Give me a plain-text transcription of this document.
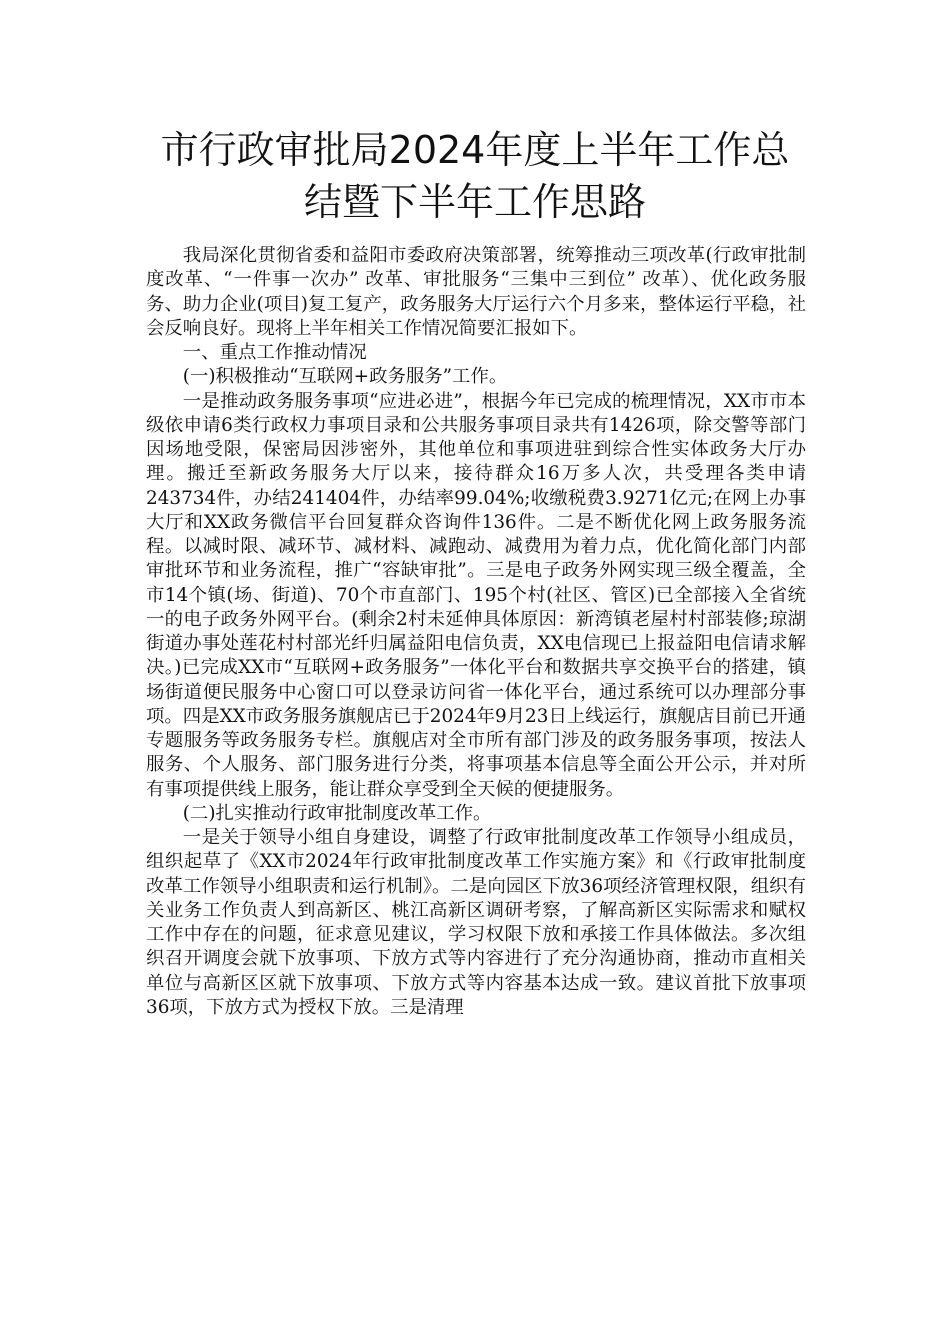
市行政审批局2024年度上半年工作总
结暨下半年工作思路

我局深化贯彻省委和益阳市委政府决策部署，统筹推动三项改革(行政审批制度改革、“一件事一次办” 改革、审批服务“三集中三到位” 改革）、优化政务服务、助力企业(项目)复工复产，政务服务大厅运行六个月多来，整体运行平稳，社会反响良好。现将上半年相关工作情况简要汇报如下。

一、重点工作推动情况

(一)积极推动“互联网+政务服务”工作。

一是推动政务服务事项“应进必进”，根据今年已完成的梳理情况，XX市市本级依申请6类行政权力事项目录和公共服务事项目录共有1426项，除交警等部门因场地受限，保密局因涉密外，其他单位和事项进驻到综合性实体政务大厅办理。搬迁至新政务服务大厅以来，接待群众16万多人次，共受理各类申请243734件，办结241404件，办结率99.04%;收缴税费3.9271亿元;在网上办事大厅和XX政务微信平台回复群众咨询件136件。二是不断优化网上政务服务流程。以减时限、减环节、减材料、减跑动、减费用为着力点，优化简化部门内部审批环节和业务流程，推广“容缺审批”。三是电子政务外网实现三级全覆盖，全市14个镇(场、街道)、70个市直部门、195个村(社区、管区)已全部接入全省统一的电子政务外网平台。(剩余2村未延伸具体原因：新湾镇老屋村村部装修;琼湖街道办事处莲花村村部光纤归属益阳电信负责，XX电信现已上报益阳电信请求解决。)已完成XX市“互联网+政务服务”一体化平台和数据共享交换平台的搭建，镇场街道便民服务中心窗口可以登录访问省一体化平台，通过系统可以办理部分事项。四是XX市政务服务旗舰店已于2024年9月23日上线运行，旗舰店目前已开通专题服务等政务服务专栏。旗舰店对全市所有部门涉及的政务服务事项，按法人服务、个人服务、部门服务进行分类，将事项基本信息等全面公开公示，并对所有事项提供线上服务，能让群众享受到全天候的便捷服务。

(二)扎实推动行政审批制度改革工作。

一是关于领导小组自身建设，调整了行政审批制度改革工作领导小组成员，组织起草了《XX市2024年行政审批制度改革工作实施方案》和《行政审批制度改革工作领导小组职责和运行机制》。二是向园区下放36项经济管理权限，组织有关业务工作负责人到高新区、桃江高新区调研考察，了解高新区实际需求和赋权工作中存在的问题，征求意见建议，学习权限下放和承接工作具体做法。多次组织召开调度会就下放事项、下放方式等内容进行了充分沟通协商，推动市直相关单位与高新区区就下放事项、下放方式等内容基本达成一致。建议首批下放事项36项，下放方式为授权下放。三是清理
